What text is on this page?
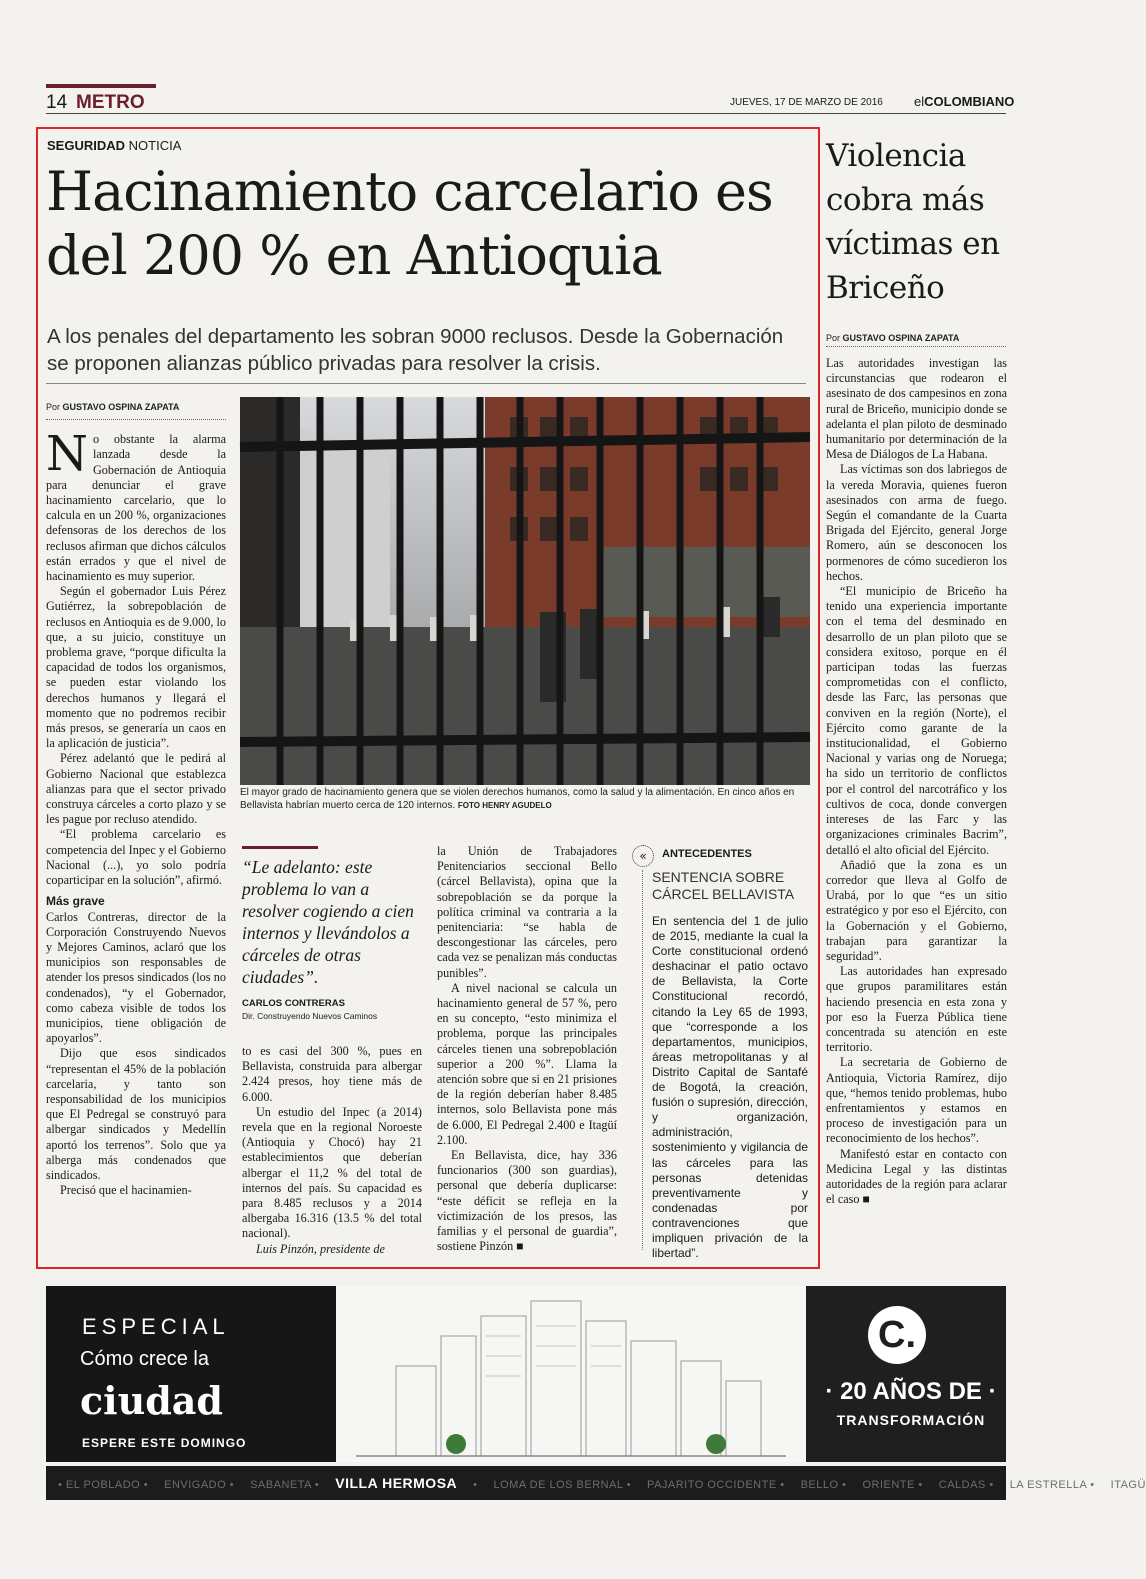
14 METRO	JUEVES, 17 DE MARZO DE 2016 elCOLOMBIANO
SEGURIDAD NOTICIA
Hacinamiento carcelario es del 200 % en Antioquia
A los penales del departamento les sobran 9000 reclusos. Desde la Gobernación se proponen alianzas público privadas para resolver la crisis.
Por GUSTAVO OSPINA ZAPATA

No obstante la alarma lanzada desde la Gobernación de Antioquia para denunciar el grave hacinamiento carcelario, que lo calcula en un 200 %, organizaciones defensoras de los derechos de los reclusos afirman que dichos cálculos están errados y que el nivel de hacinamiento es muy superior.

Según el gobernador Luis Pérez Gutiérrez, la sobrepoblación de reclusos en Antioquia es de 9.000, lo que, a su juicio, constituye un problema grave, “porque dificulta la capacidad de todos los organismos, se pueden estar violando los derechos humanos y llegará el momento que no podremos recibir más presos, se generaría un caos en la aplicación de justicia”.

Pérez adelantó que le pedirá al Gobierno Nacional que establezca alianzas para que el sector privado construya cárceles a corto plazo y se les pague por recluso atendido.

“El problema carcelario es competencia del Inpec y el Gobierno Nacional (...), yo solo podría coparticipar en la solución”, afirmó.

Más grave

Carlos Contreras, director de la Corporación Construyendo Nuevos y Mejores Caminos, aclaró que los municipios son responsables de atender los presos sindicados (los no condenados), “y el Gobernador, como cabeza visible de todos los municipios, tiene obligación de apoyarlos”.

Dijo que esos sindicados “representan el 45% de la población carcelaria, y tanto son responsabilidad de los municipios que El Pedregal se construyó para albergar sindicados y Medellín aportó los terrenos”. Solo que ya alberga más condenados que sindicados.

Precisó que el hacinamien-

El mayor grado de hacinamiento genera que se violen derechos humanos, como la salud y la alimentación. En cinco años en Bellavista habrían muerto cerca de 120 internos. FOTO HENRY AGUDELO
“Le adelanto: este problema lo van a resolver cogiendo a cien internos y llevándolos a cárceles de otras ciudades”.
CARLOS CONTRERAS
Dir. Construyendo Nuevos Caminos

to es casi del 300 %, pues en Bellavista, construida para albergar 2.424 presos, hoy tiene más de 6.000.

Un estudio del Inpec (a 2014) revela que en la regional Noroeste (Antioquia y Chocó) hay 21 establecimientos que deberían albergar el 11,2 % del total de internos del país. Su capacidad es para 8.485 reclusos y a 2014 albergaba 16.316 (13.5 % del total nacional).

Luis Pinzón, presidente de

la Unión de Trabajadores Penitenciarios seccional Bello (cárcel Bellavista), opina que la sobrepoblación se da porque la política criminal va contraria a la penitenciaria: “se habla de descongestionar las cárceles, pero cada vez se penalizan más conductas punibles”.

A nivel nacional se calcula un hacinamiento general de 57 %, pero en su concepto, “esto minimiza el problema, porque las principales cárceles tienen una sobrepoblación superior a 200 %”. Llama la atención sobre que si en 21 prisiones de la región deberían haber 8.485 internos, solo Bellavista pone más de 6.000, El Pedregal 2.400 e Itagüí 2.100.

En Bellavista, dice, hay 336 funcionarios (300 son guardias), personal que debería duplicarse: “este déficit se refleja en la victimización de los presos, las familias y el personal de guardia”, sostiene Pinzón ■

«	ANTECEDENTES
SENTENCIA SOBRE CÁRCEL BELLAVISTA
En sentencia del 1 de julio de 2015, mediante la cual la Corte constitucional ordenó deshacinar el patio octavo de Bellavista, la Corte Constitucional recordó, citando la Ley 65 de 1993, que “corresponde a los departamentos, municipios, áreas metropolitanas y al Distrito Capital de Santafé de Bogotá, la creación, fusión o supresión, dirección, y organización, administración, sostenimiento y vigilancia de las cárceles para las personas detenidas preventivamente y condenadas por contravenciones que impliquen privación de la libertad”.
Violencia cobra más víctimas en Briceño
Por GUSTAVO OSPINA ZAPATA

Las autoridades investigan las circunstancias que rodearon el asesinato de dos campesinos en zona rural de Briceño, municipio donde se adelanta el plan piloto de desminado humanitario por determinación de la Mesa de Diálogos de La Habana.

Las víctimas son dos labriegos de la vereda Moravia, quienes fueron asesinados con arma de fuego. Según el comandante de la Cuarta Brigada del Ejército, general Jorge Romero, aún se desconocen los pormenores de cómo sucedieron los hechos.

“El municipio de Briceño ha tenido una experiencia importante con el tema del desminado en desarrollo de un plan piloto que se considera exitoso, porque en él participan todas las fuerzas comprometidas con el conflicto, desde las Farc, las personas que conviven en la región (Norte), el Ejército como garante de la institucionalidad, el Gobierno Nacional y varias ong de Noruega; ha sido un territorio de conflictos por el control del narcotráfico y los cultivos de coca, donde convergen intereses de las Farc y las organizaciones criminales Bacrim”, detalló el alto oficial del Ejército.

Añadió que la zona es un corredor que lleva al Golfo de Urabá, por lo que “es un sitio estratégico y por eso el Ejército, con la Gobernación y el Gobierno, trabajan para garantizar la seguridad”.

Las autoridades han expresado que grupos paramilitares están haciendo presencia en esta zona y por eso la Fuerza Pública tiene concentrada su atención en este territorio.

La secretaria de Gobierno de Antioquia, Victoria Ramírez, dijo que, “hemos tenido problemas, hubo enfrentamientos y estamos en proceso de investigación para un reconocimiento de los hechos”.

Manifestó estar en contacto con Medicina Legal y las distintas autoridades de la región para aclarar el caso ■

ESPECIAL
Cómo crece la
ciudad
ESPERE ESTE DOMINGO
C.
· 20 AÑOS DE ·
TRANSFORMACIÓN
• EL POBLADO • ENVIGADO • SABANETA • VILLA HERMOSA • LOMA DE LOS BERNAL • PAJARITO OCCIDENTE • BELLO • ORIENTE • CALDAS • LA ESTRELLA • ITAGÜ
